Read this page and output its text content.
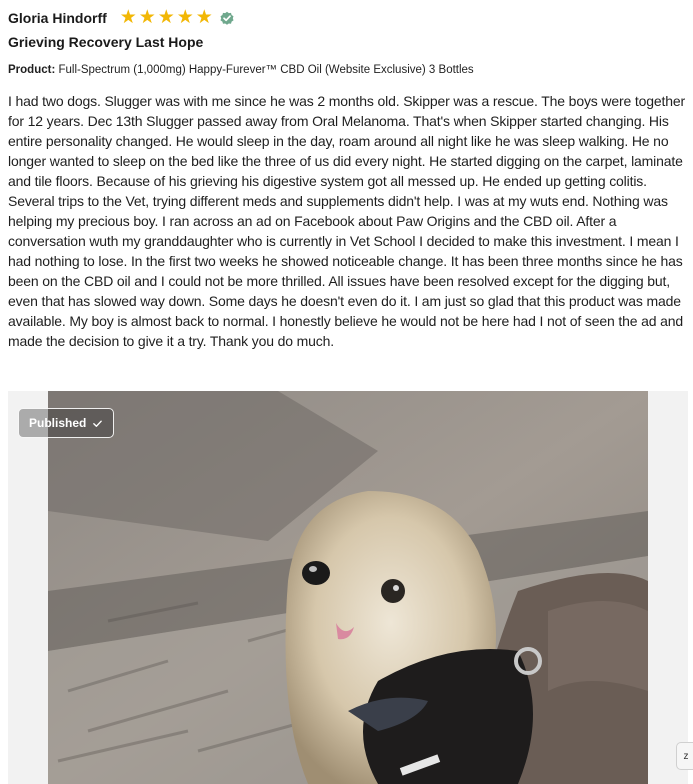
Gloria Hindorff ★ ★ ★ ★ ★
Grieving Recovery Last Hope
Product: Full-Spectrum (1,000mg) Happy-Furever™ CBD Oil (Website Exclusive) 3 Bottles
I had two dogs. Slugger was with me since he was 2 months old. Skipper was a rescue. The boys were together for 12 years. Dec 13th Slugger passed away from Oral Melanoma. That's when Skipper started changing. His entire personality changed. He would sleep in the day, roam around all night like he was sleep walking. He no longer wanted to sleep on the bed like the three of us did every night. He started digging on the carpet, laminate and tile floors. Because of his grieving his digestive system got all messed up. He ended up getting colitis. Several trips to the Vet, trying different meds and supplements didn't help. I was at my wuts end. Nothing was helping my precious boy. I ran across an ad on Facebook about Paw Origins and the CBD oil. After a conversation wuth my granddaughter who is currently in Vet School I decided to make this investment. I mean I had nothing to lose. In the first two weeks he showed noticeable change. It has been three months since he has been on the CBD oil and I could not be more thrilled. All issues have been resolved except for the digging but, even that has slowed way down. Some days he doesn't even do it. I am just so glad that this product was made available. My boy is almost back to normal. I honestly believe he would not be here had I not of seen the ad and made the decision to give it a try. Thank you do much.
Published
z
